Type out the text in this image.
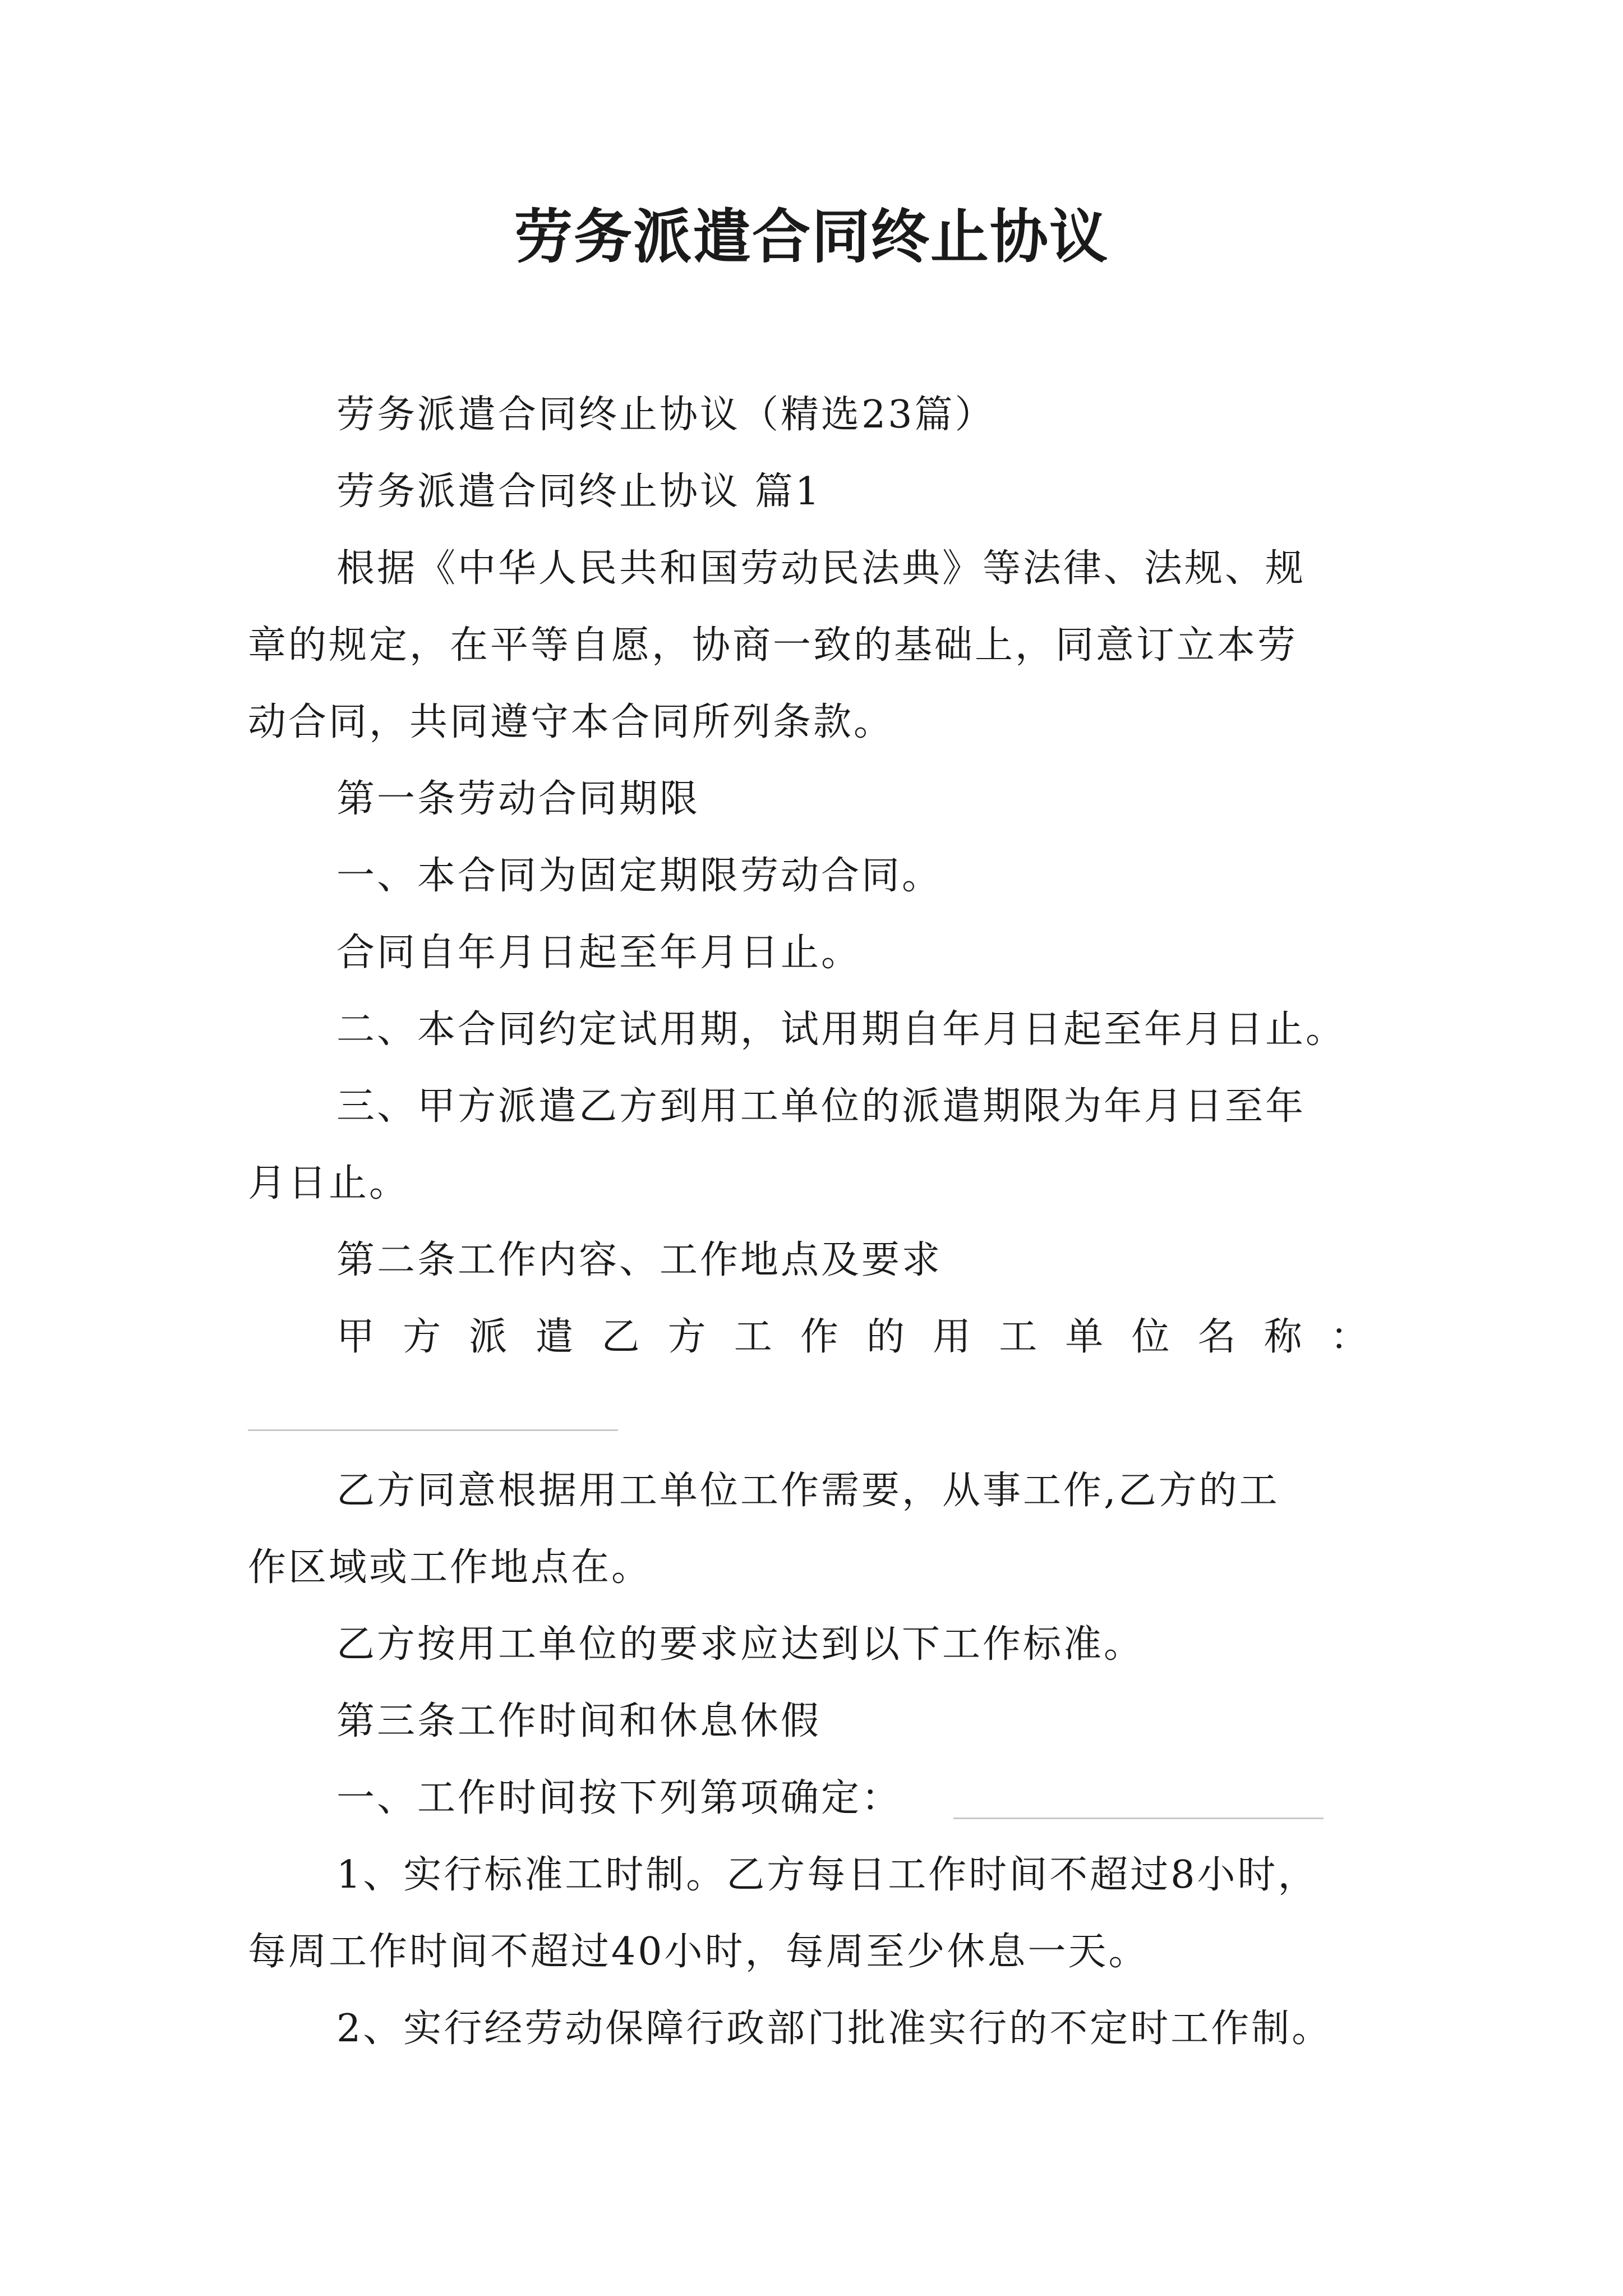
劳务派遣合同终止协议
劳务派遣合同终止协议（精选23篇）
劳务派遣合同终止协议 篇1
根据《中华人民共和国劳动民法典》等法律、法规、规
章的规定，在平等自愿，协商一致的基础上，同意订立本劳
动合同，共同遵守本合同所列条款。
第一条劳动合同期限
一、本合同为固定期限劳动合同。
合同自年月日起至年月日止。
二、本合同约定试用期，试用期自年月日起至年月日止。
三、甲方派遣乙方到用工单位的派遣期限为年月日至年
月日止。
第二条工作内容、工作地点及要求
甲 方 派 遣 乙 方 工 作 的 用 工 单 位 名 称 ：
乙方同意根据用工单位工作需要，从事工作,乙方的工
作区域或工作地点在。
乙方按用工单位的要求应达到以下工作标准。
第三条工作时间和休息休假
一、工作时间按下列第项确定：
1、实行标准工时制。乙方每日工作时间不超过8小时，
每周工作时间不超过40小时，每周至少休息一天。
2、实行经劳动保障行政部门批准实行的不定时工作制。
